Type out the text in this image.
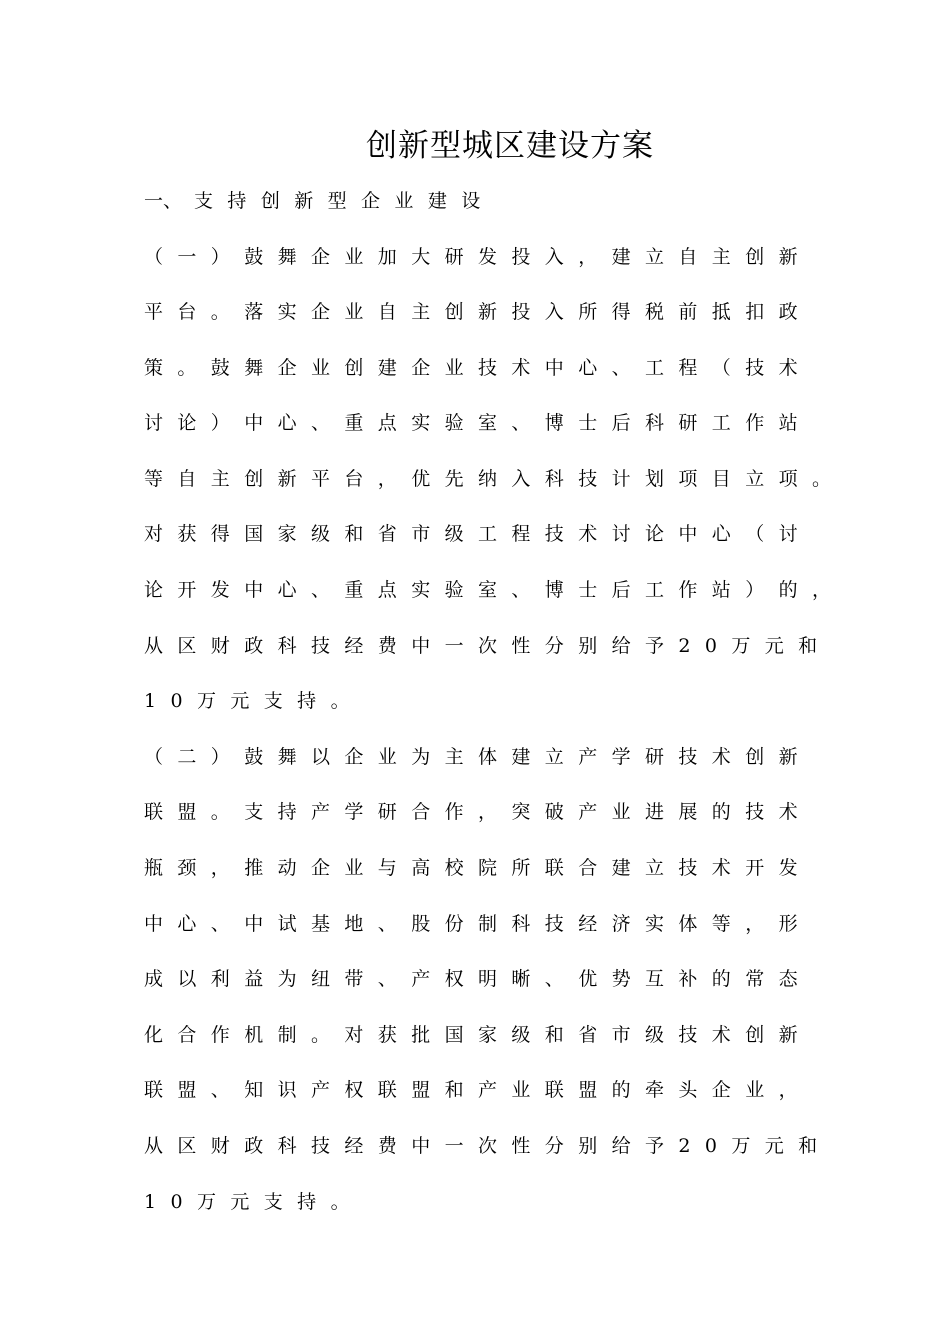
创新型城区建设方案
一、 支持创新型企业建设
（一）鼓舞企业加大研发投入，建立自主创新
平台。落实企业自主创新投入所得税前抵扣政
策。鼓舞企业创建企业技术中心、工程（技术
讨论）中心、重点实验室、博士后科研工作站
等自主创新平台，优先纳入科技计划项目立项。
对获得国家级和省市级工程技术讨论中心（讨
论开发中心、重点实验室、博士后工作站）的，
从区财政科技经费中一次性分别给予20万元和
10万元支持。
（二）鼓舞以企业为主体建立产学研技术创新
联盟。支持产学研合作，突破产业进展的技术
瓶颈，推动企业与高校院所联合建立技术开发
中心、中试基地、股份制科技经济实体等，形
成以利益为纽带、产权明晰、优势互补的常态
化合作机制。对获批国家级和省市级技术创新
联盟、知识产权联盟和产业联盟的牵头企业，
从区财政科技经费中一次性分别给予20万元和
10万元支持。
